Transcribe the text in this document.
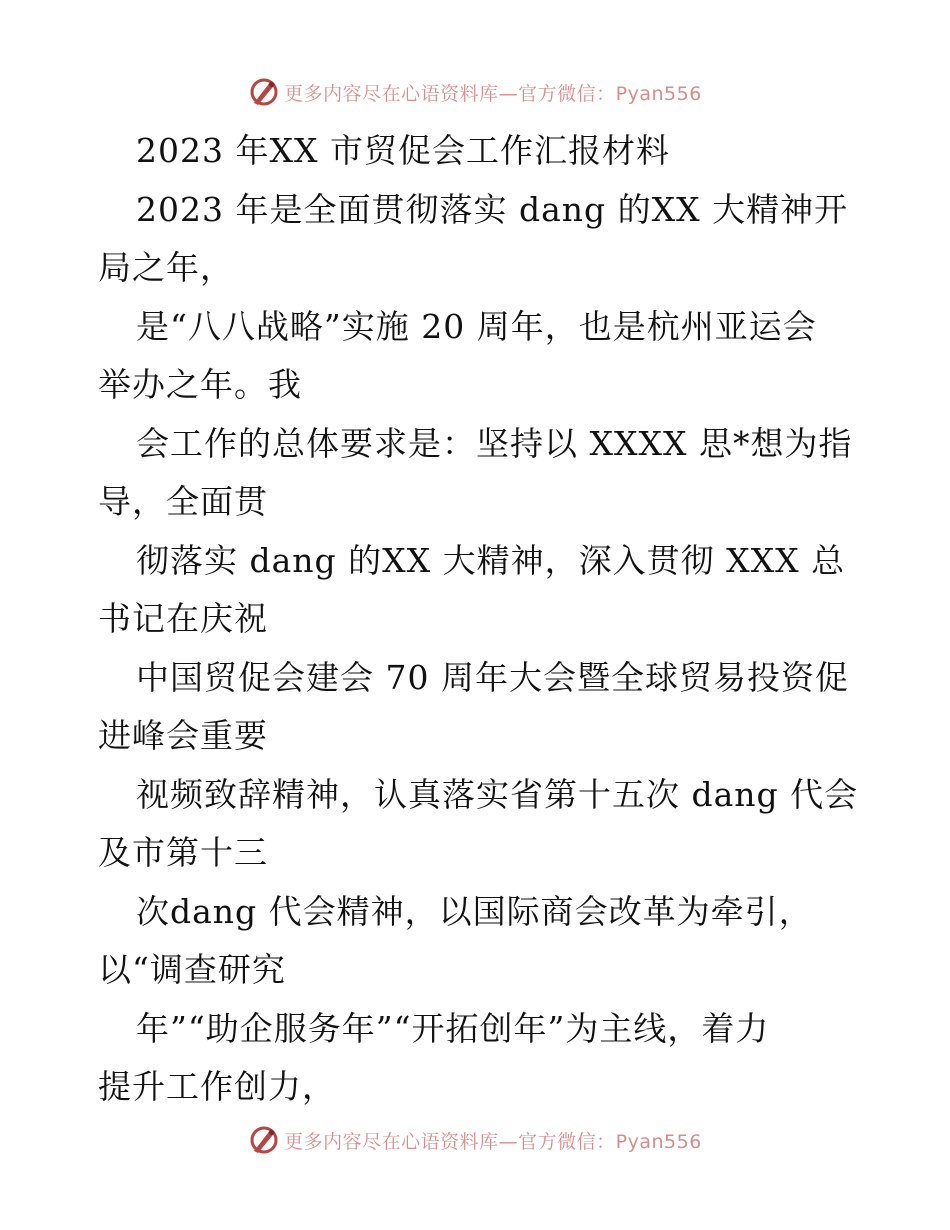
更多内容尽在心语资料库—官方微信：Pyan556
2023 年XX 市贸促会工作汇报材料
2023 年是全面贯彻落实 dang 的XX 大精神开
局之年，
是“八八战略”实施 20 周年，也是杭州亚运会
举办之年。我
会工作的总体要求是：坚持以 XXXX 思*想为指
导，全面贯
彻落实 dang 的XX 大精神，深入贯彻 XXX 总
书记在庆祝
中国贸促会建会 70 周年大会暨全球贸易投资促
进峰会重要
视频致辞精神，认真落实省第十五次 dang 代会
及市第十三
次dang 代会精神，以国际商会改革为牵引，
以“调查研究
年”“助企服务年”“开拓创年”为主线，着力
提升工作创力，
更多内容尽在心语资料库—官方微信：Pyan556
